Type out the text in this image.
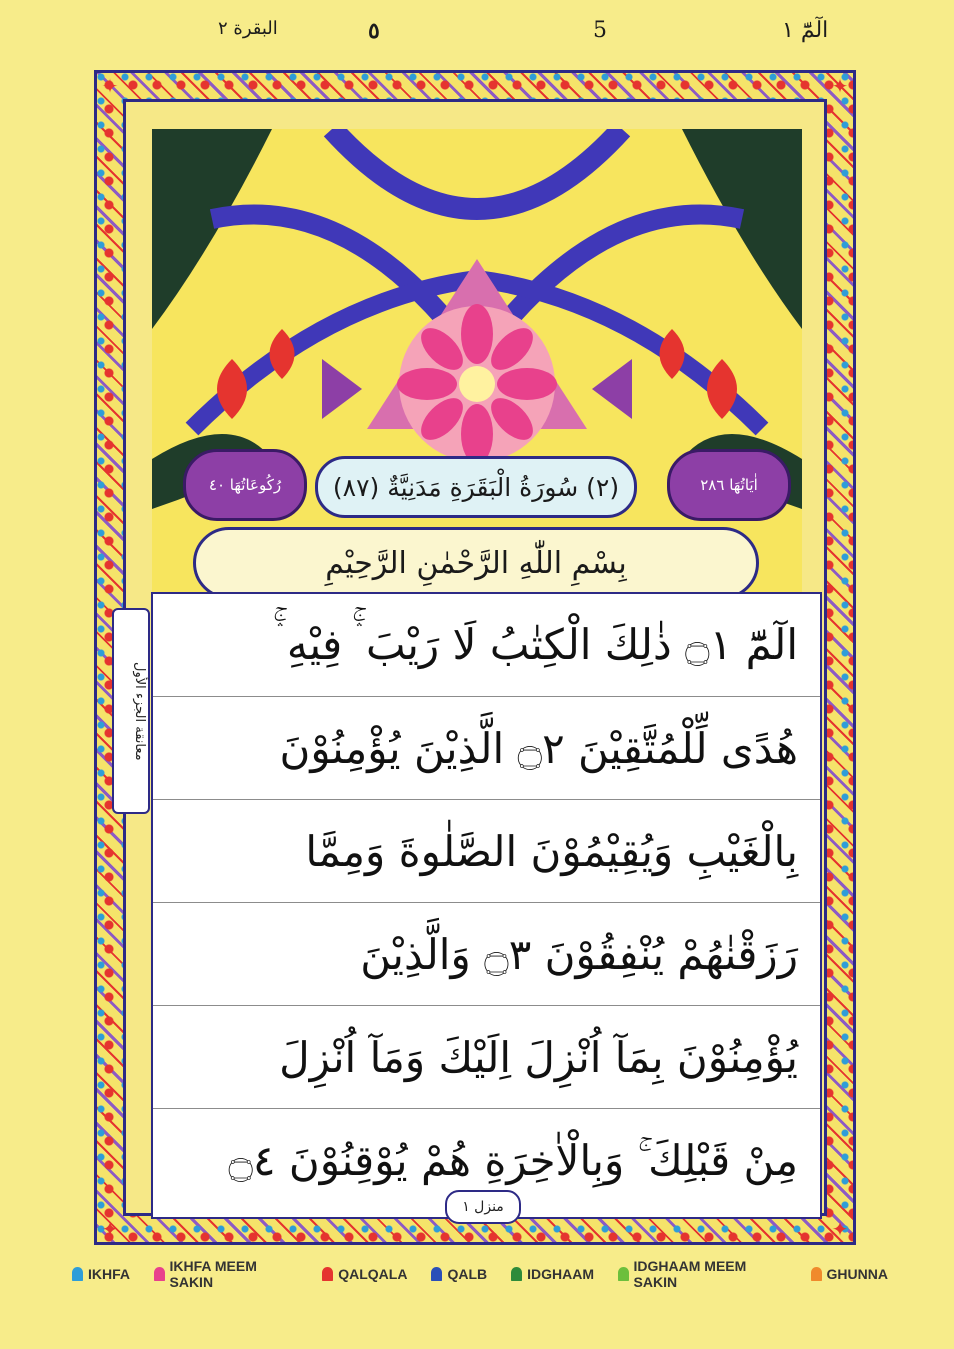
البقرة ٢	٥	5	الٓمّٓ ١
✦	✦
✦	✦
رُكُوعَاتُهَا ٤٠ (٢) سُورَةُ الْبَقَرَةِ مَدَنِيَّةٌ (٨٧)	اٰيَاتُهَا ٢٨٦
بِسْمِ اللّٰهِ الرَّحْمٰنِ الرَّحِيْمِ
معانقة الجزء الأول
الٓمّٓ ۝١ ذٰلِكَ الْكِتٰبُ لَا رَيْبَ ۛۚ فِيْهِ ۛۚ
هُدًى لِّلْمُتَّقِيْنَ ۝٢ الَّذِيْنَ يُؤْمِنُوْنَ
بِالْغَيْبِ وَيُقِيْمُوْنَ الصَّلٰوةَ وَمِمَّا
رَزَقْنٰهُمْ يُنْفِقُوْنَ ۝٣ وَالَّذِيْنَ
يُؤْمِنُوْنَ بِمَآ اُنْزِلَ اِلَيْكَ وَمَآ اُنْزِلَ
مِنْ قَبْلِكَ ۚ وَبِالْاٰخِرَةِ هُمْ يُوْقِنُوْنَ ۝٤
منزل ١
IKHFA	IKHFA MEEM SAKIN	QALQALA	QALB	IDGHAAM	IDGHAAM MEEM SAKIN	GHUNNA
